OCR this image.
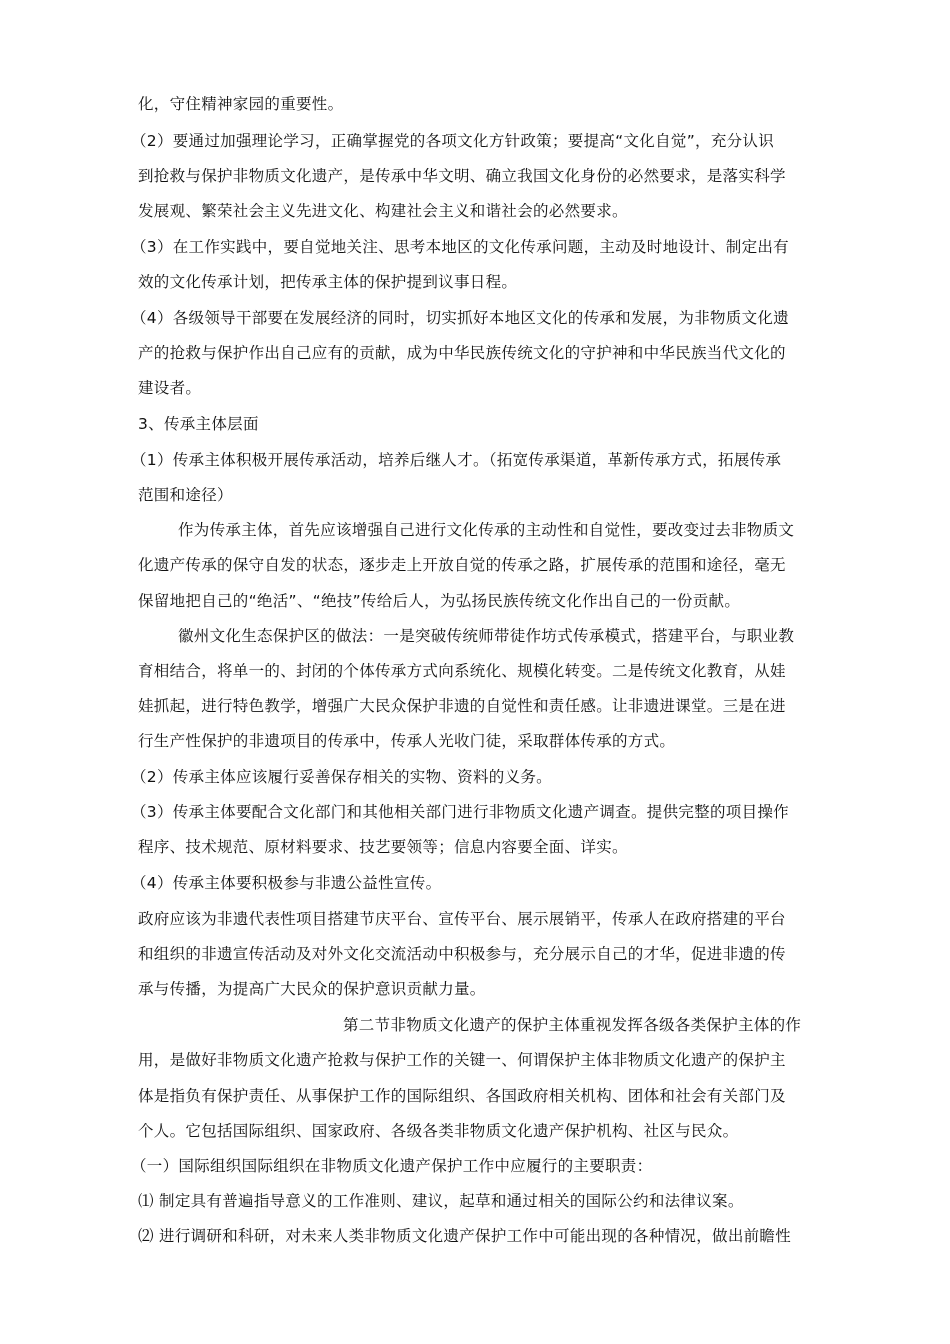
化，守住精神家园的重要性。
（2）要通过加强理论学习，正确掌握党的各项文化方针政策；要提高“文化自觉”，充分认识
到抢救与保护非物质文化遗产，是传承中华文明、确立我国文化身份的必然要求，是落实科学
发展观、繁荣社会主义先进文化、构建社会主义和谐社会的必然要求。
（3）在工作实践中，要自觉地关注、思考本地区的文化传承问题，主动及时地设计、制定出有
效的文化传承计划，把传承主体的保护提到议事日程。
（4）各级领导干部要在发展经济的同时，切实抓好本地区文化的传承和发展，为非物质文化遗
产的抢救与保护作出自己应有的贡献，成为中华民族传统文化的守护神和中华民族当代文化的
建设者。
3、传承主体层面
（1）传承主体积极开展传承活动，培养后继人才。（拓宽传承渠道，革新传承方式，拓展传承
范围和途径）
作为传承主体，首先应该增强自己进行文化传承的主动性和自觉性，要改变过去非物质文
化遗产传承的保守自发的状态，逐步走上开放自觉的传承之路，扩展传承的范围和途径，毫无
保留地把自己的“绝活”、“绝技”传给后人，为弘扬民族传统文化作出自己的一份贡献。
徽州文化生态保护区的做法：一是突破传统师带徒作坊式传承模式，搭建平台，与职业教
育相结合，将单一的、封闭的个体传承方式向系统化、规模化转变。二是传统文化教育，从娃
娃抓起，进行特色教学，增强广大民众保护非遗的自觉性和责任感。让非遗进课堂。三是在进
行生产性保护的非遗项目的传承中，传承人光收门徒，采取群体传承的方式。
（2）传承主体应该履行妥善保存相关的实物、资料的义务。
（3）传承主体要配合文化部门和其他相关部门进行非物质文化遗产调查。提供完整的项目操作
程序、技术规范、原材料要求、技艺要领等；信息内容要全面、详实。
（4）传承主体要积极参与非遗公益性宣传。
政府应该为非遗代表性项目搭建节庆平台、宣传平台、展示展销平，传承人在政府搭建的平台
和组织的非遗宣传活动及对外文化交流活动中积极参与，充分展示自己的才华，促进非遗的传
承与传播，为提高广大民众的保护意识贡献力量。
第二节非物质文化遗产的保护主体重视发挥各级各类保护主体的作
用，是做好非物质文化遗产抢救与保护工作的关键一、何谓保护主体非物质文化遗产的保护主
体是指负有保护责任、从事保护工作的国际组织、各国政府相关机构、团体和社会有关部门及
个人。它包括国际组织、国家政府、各级各类非物质文化遗产保护机构、社区与民众。
（一）国际组织国际组织在非物质文化遗产保护工作中应履行的主要职责：
⑴ 制定具有普遍指导意义的工作准则、建议，起草和通过相关的国际公约和法律议案。
⑵ 进行调研和科研，对未来人类非物质文化遗产保护工作中可能出现的各种情况，做出前瞻性
